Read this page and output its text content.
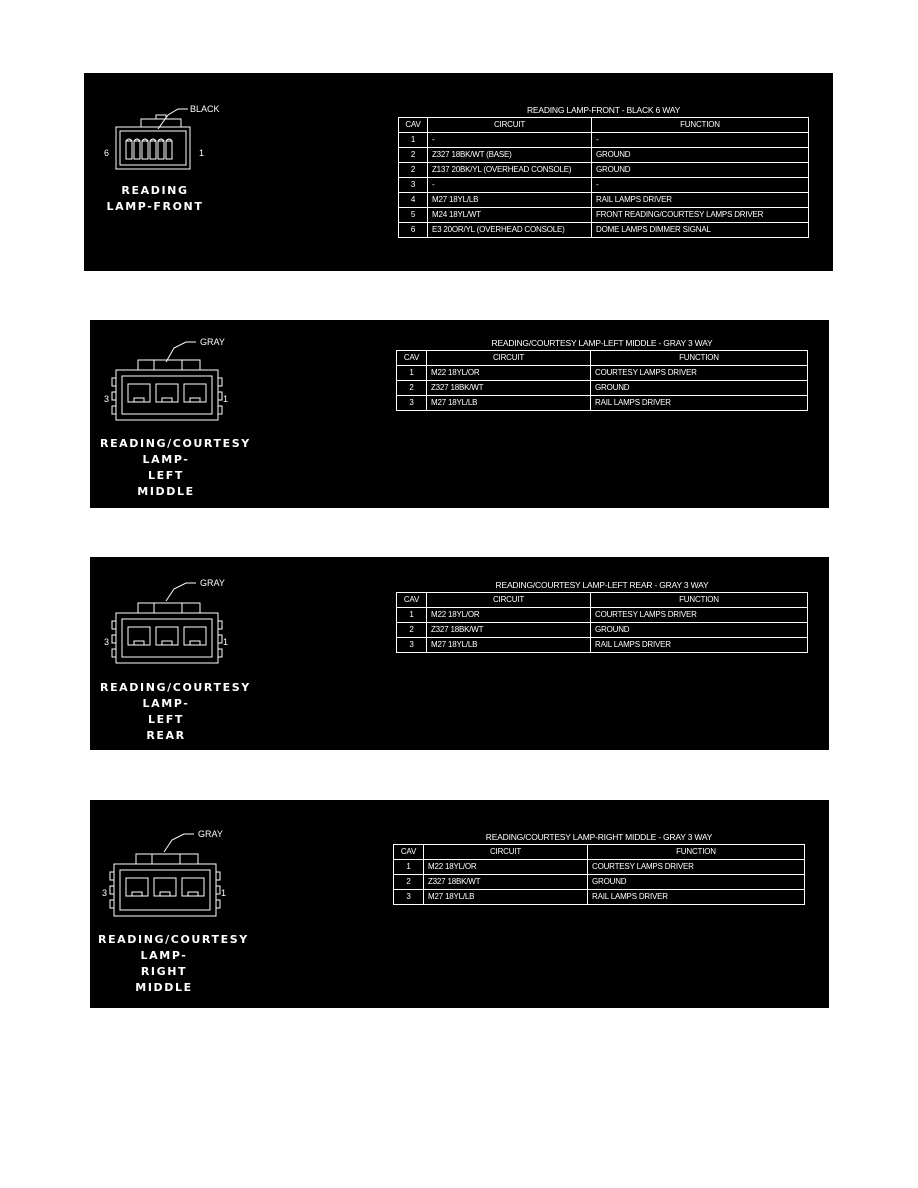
BLACK
6	1
READING
LAMP-FRONT
READING LAMP-FRONT - BLACK 6 WAY
CAV	CIRCUIT	FUNCTION
1	-	-
2	Z327 18BK/WT (BASE)	GROUND
2	Z137 20BK/YL (OVERHEAD CONSOLE)	GROUND
3	-	-
4	M27 18YL/LB	RAIL LAMPS DRIVER
5	M24 18YL/WT	FRONT READING/COURTESY LAMPS DRIVER
6	E3 20OR/YL (OVERHEAD CONSOLE)	DOME LAMPS DIMMER SIGNAL
GRAY
3	1
READING/COURTESY
LAMP-
LEFT
MIDDLE
READING/COURTESY LAMP-LEFT MIDDLE - GRAY 3 WAY
CAV	CIRCUIT	FUNCTION
1	M22 18YL/OR	COURTESY LAMPS DRIVER
2	Z327 18BK/WT	GROUND
3	M27 18YL/LB	RAIL LAMPS DRIVER
GRAY
3	1
READING/COURTESY
LAMP-
LEFT
REAR
READING/COURTESY LAMP-LEFT REAR - GRAY 3 WAY
CAV	CIRCUIT	FUNCTION
1	M22 18YL/OR	COURTESY LAMPS DRIVER
2	Z327 18BK/WT	GROUND
3	M27 18YL/LB	RAIL LAMPS DRIVER
GRAY
3	1
READING/COURTESY
LAMP-
RIGHT
MIDDLE
READING/COURTESY LAMP-RIGHT MIDDLE - GRAY 3 WAY
CAV	CIRCUIT	FUNCTION
1	M22 18YL/OR	COURTESY LAMPS DRIVER
2	Z327 18BK/WT	GROUND
3	M27 18YL/LB	RAIL LAMPS DRIVER
